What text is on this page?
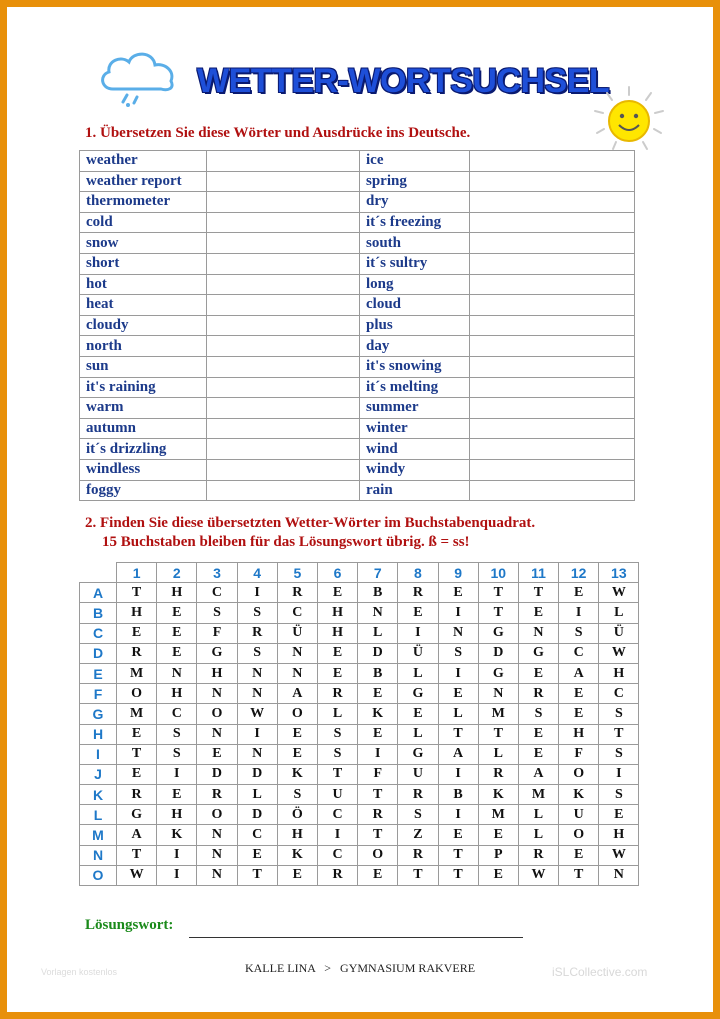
WETTER-WORTSUCHSEL
1. Übersetzen Sie diese Wörter und Ausdrücke ins Deutsche.
weather		ice	
weather report		spring	
thermometer		dry	
cold		it´s freezing	
snow		south	
short		it´s sultry	
hot		long	
heat		cloud	
cloudy		plus	
north		day	
sun		it's snowing	
it's raining		it´s melting	
warm		summer	
autumn		winter	
it´s drizzling		wind	
windless		windy	
foggy		rain	
2. Finden Sie diese übersetzten Wetter-Wörter im Buchstabenquadrat.
15 Buchstaben bleiben für das Lösungswort übrig. ß = ss!
	1	2	3	4	5	6	7	8	9	10	11	12	13
A	T	H	C	I	R	E	B	R	E	T	T	E	W
B	H	E	S	S	C	H	N	E	I	T	E	I	L
C	E	E	F	R	Ü	H	L	I	N	G	N	S	Ü
D	R	E	G	S	N	E	D	Ü	S	D	G	C	W
E	M	N	H	N	N	E	B	L	I	G	E	A	H
F	O	H	N	N	A	R	E	G	E	N	R	E	C
G	M	C	O	W	O	L	K	E	L	M	S	E	S
H	E	S	N	I	E	S	E	L	T	T	E	H	T
I	T	S	E	N	E	S	I	G	A	L	E	F	S
J	E	I	D	D	K	T	F	U	I	R	A	O	I
K	R	E	R	L	S	U	T	R	B	K	M	K	S
L	G	H	O	D	Ö	C	R	S	I	M	L	U	E
M	A	K	N	C	H	I	T	Z	E	E	L	O	H
N	T	I	N	E	K	C	O	R	T	P	R	E	W
O	W	I	N	T	E	R	E	T	T	E	W	T	N
Lösungswort:
Vorlagen kostenlos	KALLE LINA   >   GYMNASIUM RAKVERE	iSLCollective.com
